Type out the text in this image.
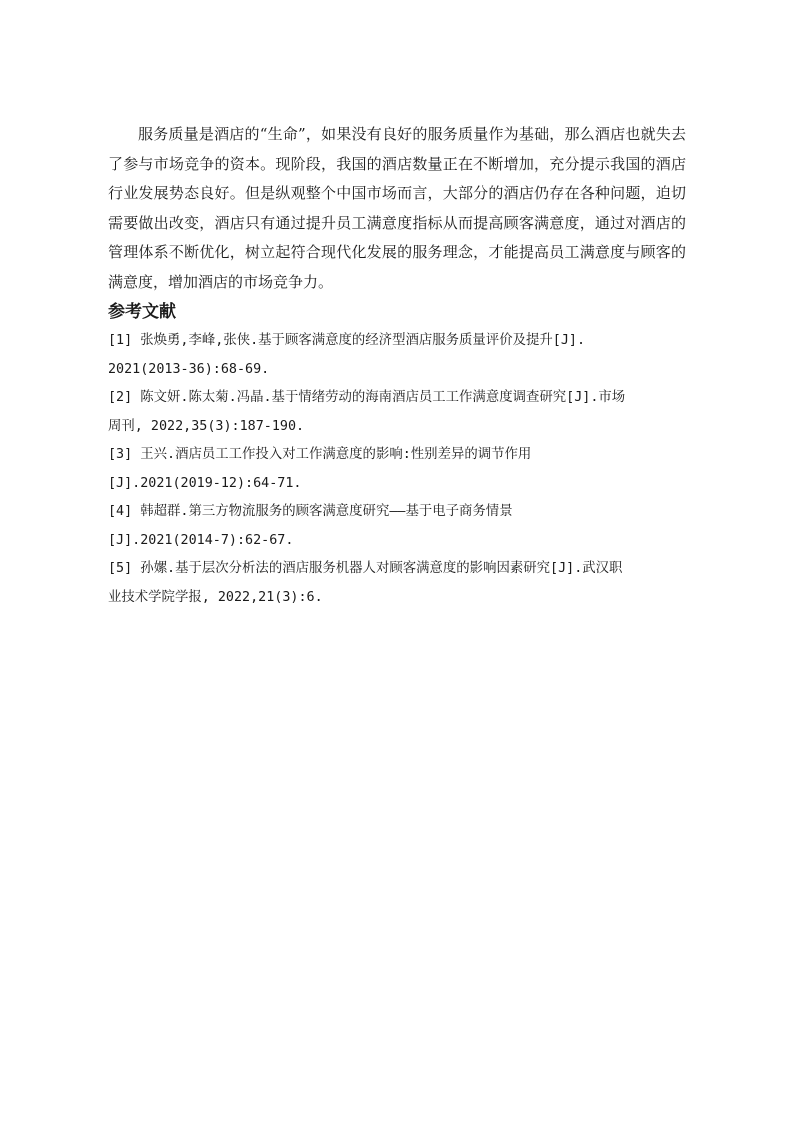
服务质量是酒店的“生命”，如果没有良好的服务质量作为基础，那么酒店也就失去了参与市场竞争的资本。现阶段，我国的酒店数量正在不断增加，充分提示我国的酒店行业发展势态良好。但是纵观整个中国市场而言，大部分的酒店仍存在各种问题，迫切需要做出改变，酒店只有通过提升员工满意度指标从而提高顾客满意度，通过对酒店的管理体系不断优化，树立起符合现代化发展的服务理念，才能提高员工满意度与顾客的满意度，增加酒店的市场竞争力。

参考文献
[1] 张焕勇,李峰,张侠.基于顾客满意度的经济型酒店服务质量评价及提升[J].
2021(2013-36):68-69.
[2] 陈文妍.陈太菊.冯晶.基于情绪劳动的海南酒店员工工作满意度调查研究[J].市场
周刊, 2022,35(3):187-190.
[3] 王兴.酒店员工工作投入对工作满意度的影响:性别差异的调节作用
[J].2021(2019-12):64-71.
[4] 韩超群.第三方物流服务的顾客满意度研究——基于电子商务情景
[J].2021(2014-7):62-67.
[5] 孙嫘.基于层次分析法的酒店服务机器人对顾客满意度的影响因素研究[J].武汉职
业技术学院学报, 2022,21(3):6.
